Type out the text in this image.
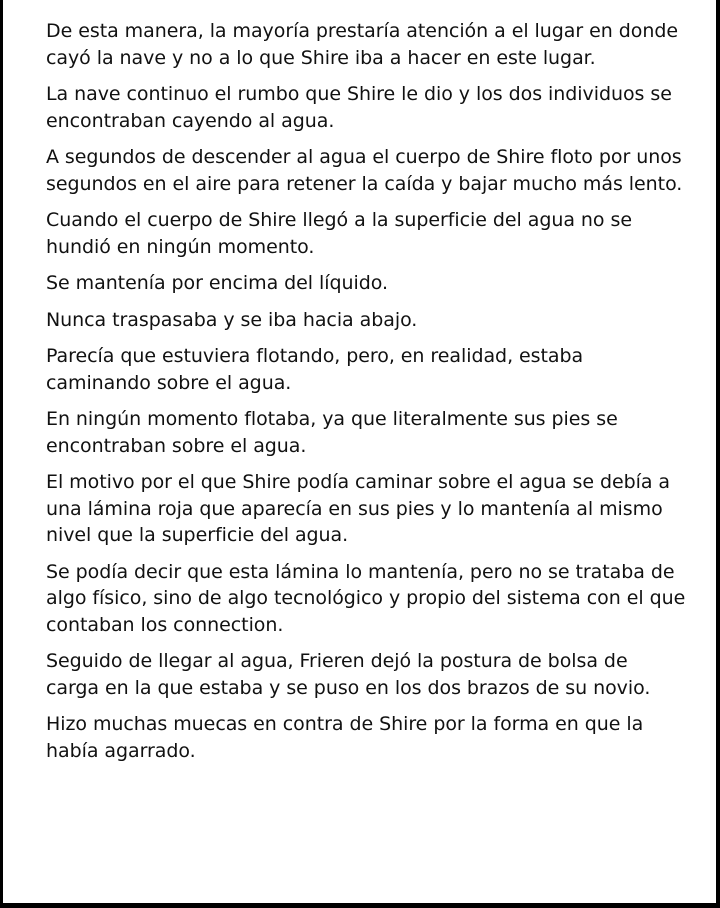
De esta manera, la mayoría prestaría atención a el lugar en donde cayó la nave y no a lo que Shire iba a hacer en este lugar.

La nave continuo el rumbo que Shire le dio y los dos individuos se encontraban cayendo al agua.

A segundos de descender al agua el cuerpo de Shire floto por unos segundos en el aire para retener la caída y bajar mucho más lento.

Cuando el cuerpo de Shire llegó a la superficie del agua no se hundió en ningún momento.

Se mantenía por encima del líquido.

Nunca traspasaba y se iba hacia abajo.

Parecía que estuviera flotando, pero, en realidad, estaba caminando sobre el agua.

En ningún momento flotaba, ya que literalmente sus pies se encontraban sobre el agua.

El motivo por el que Shire podía caminar sobre el agua se debía a una lámina roja que aparecía en sus pies y lo mantenía al mismo nivel que la superficie del agua.

Se podía decir que esta lámina lo mantenía, pero no se trataba de algo físico, sino de algo tecnológico y propio del sistema con el que contaban los connection.

Seguido de llegar al agua, Frieren dejó la postura de bolsa de carga en la que estaba y se puso en los dos brazos de su novio.

Hizo muchas muecas en contra de Shire por la forma en que la había agarrado.
